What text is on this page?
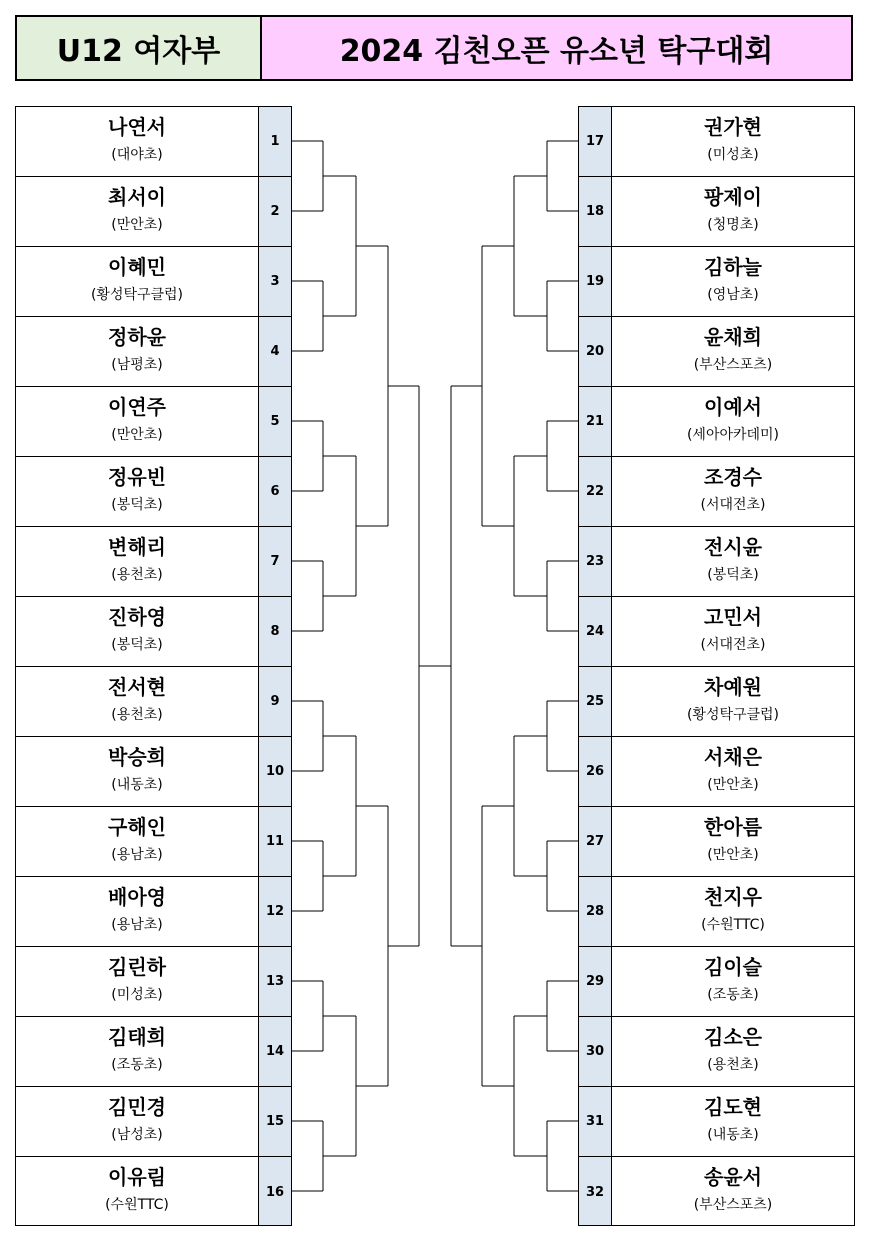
U12 여자부	2024 김천오픈 유소년 탁구대회
나연서
(대야초)
최서이
(만안초)
이혜민
(황성탁구클럽)
정하윤
(남평초)
이연주
(만안초)
정유빈
(봉덕초)
변해리
(용천초)
진하영
(봉덕초)
전서현
(용천초)
박승희
(내동초)
구해인
(용남초)
배아영
(용남초)
김린하
(미성초)
김태희
(조동초)
김민경
(남성초)
이유림
(수원TTC)
1
2
3
4
5
6
7
8
9
10
11
12
13
14
15
16
17
18
19
20
21
22
23
24
25
26
27
28
29
30
31
32
권가현
(미성초)
팡제이
(청명초)
김하늘
(영남초)
윤채희
(부산스포츠)
이예서
(세아아카데미)
조경수
(서대전초)
전시윤
(봉덕초)
고민서
(서대전초)
차예원
(황성탁구클럽)
서채은
(만안초)
한아름
(만안초)
천지우
(수원TTC)
김이슬
(조동초)
김소은
(용천초)
김도현
(내동초)
송윤서
(부산스포츠)
